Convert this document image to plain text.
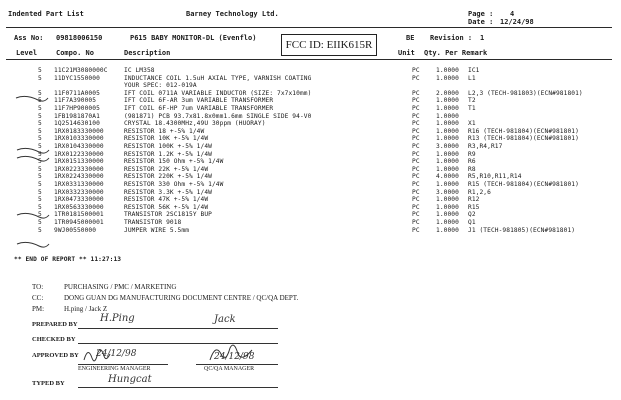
Indented Part List	Barney Technology Ltd.	Page : 4
Date : 12/24/98
Ass No: 09818006150	P615 BABY MONITOR-DL (Evenflo)
FCC ID: EIIK615R
BE Revision : 1
Level	Compo. No	Description	Unit Qty. Per Remark
5 11C21M3080000C	IC LM358	PC	1.0000 IC1
5 11DYC1550000	INDUCTANCE COIL 1.5uH AXIAL TYPE, VARNISH COATING	PC	1.0000 L1
YOUR SPEC: 012-019A
5 11F0711A0005	IFT COIL 0711A VARIABLE INDUCTOR (SIZE: 7x7x10mm)	PC	2.0000 L2,3 (TECH-981803)(ECN#981801)
5 11F7A390005	IFT COIL 6F-AR 3um VARIABLE TRANSFORMER	PC	1.0000 T2
5 11F7HP900005	IFT COIL 6F-HP 7um VARIABLE TRANSFORMER	PC	1.0000 T1
5 1FB1981870A1	(981871) PCB 93.7x81.8x0mm1.6mm SINGLE SIDE 94-V0	PC	1.0000
5 1Q2514630100	CRYSTAL 18.4300MHz,49U 30ppm (HUORAY)	PC	1.0000 X1
5 1RX0183330000	RESISTOR 18 +-5% 1/4W	PC	1.0000 R16 (TECH-981804)(ECN#981801)
5 1RX0103330000	RESISTOR 10K +-5% 1/4W	PC	1.0000 R13 (TECH-981804)(ECN#981801)
5 1RX0104330000	RESISTOR 100K +-5% 1/4W	PC	3.0000 R3,R4,R17
5 1RX0122330000	RESISTOR 1.2K +-5% 1/4W	PC	1.0000 R9
5 1RX0151330000	RESISTOR 150 Ohm +-5% 1/4W	PC	1.0000 R6
5 1RX0223330000	RESISTOR 22K +-5% 1/4W	PC	1.0000 R8
5 1RX0224330000	RESISTOR 220K +-5% 1/4W	PC	4.0000 R5,R10,R11,R14
5 1RX0331330000	RESISTOR 330 Ohm +-5% 1/4W	PC	1.0000 R15 (TECH-981804)(ECN#981801)
5 1RX0332330000	RESISTOR 3.3K +-5% 1/4W	PC	3.0000 R1,2,6
5 1RX0473330000	RESISTOR 47K +-5% 1/4W	PC	1.0000 R12
5 1RX0563330000	RESISTOR 56K +-5% 1/4W	PC	1.0000 R15
5 1TR0181500001	TRANSISTOR 2SC1815Y BUP	PC	1.0000 Q2
5 1TR0945000001	TRANSISTOR 9018	PC	1.0000 Q1
5 9WJ00550000	JUMPER WIRE 5.5mm	PC	1.0000 J1 (TECH-981805)(ECN#981801)
** END OF REPORT ** 11:27:13
TO:	PURCHASING / PMC / MARKETING
CC:	DONG GUAN DG MANUFACTURING DOCUMENT CENTRE / QC/QA DEPT.
PM:	H.ping / Jack Z
PREPARED BY
H.Ping	Jack
CHECKED BY
APPROVED BY 24/12/98	24/12/98
ENGINEERING MANAGER	QC/QA MANAGER
TYPED BY	Hungcat
